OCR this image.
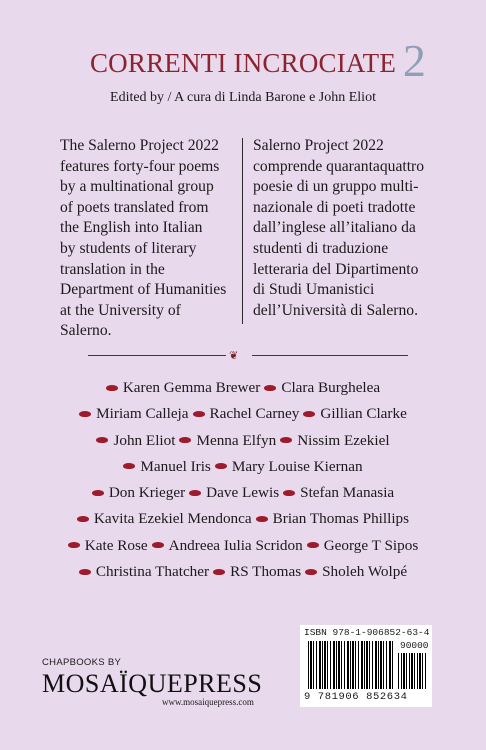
CORRENTI INCROCIATE 2
Edited by / A cura di Linda Barone e John Eliot
The Salerno Project 2022
features forty-four poems
by a multinational group
of poets translated from
the English into Italian
by students of literary
translation in the
Department of Humanities
at the University of Salerno.
Salerno Project 2022
comprende quarantaquattro
poesie di un gruppo multi-
nazionale di poeti tradotte
dall’inglese all’italiano da
studenti di traduzione
letteraria del Dipartimento
di Studi Umanistici
dell’Università di Salerno.
❦
Karen Gemma Brewer Clara Burghelea
Miriam Calleja Rachel Carney Gillian Clarke
John Eliot Menna Elfyn Nissim Ezekiel
Manuel Iris Mary Louise Kiernan
Don Krieger Dave Lewis Stefan Manasia
Kavita Ezekiel Mendonca Brian Thomas Phillips
Kate Rose Andreea Iulia Scridon George T Sipos
Christina Thatcher RS Thomas Sholeh Wolpé
CHAPBOOKS BY
MOSAÏQUEPRESS
www.mosaiquepress.com
ISBN 978-1-906852-63-4
90000
9 781906 852634
